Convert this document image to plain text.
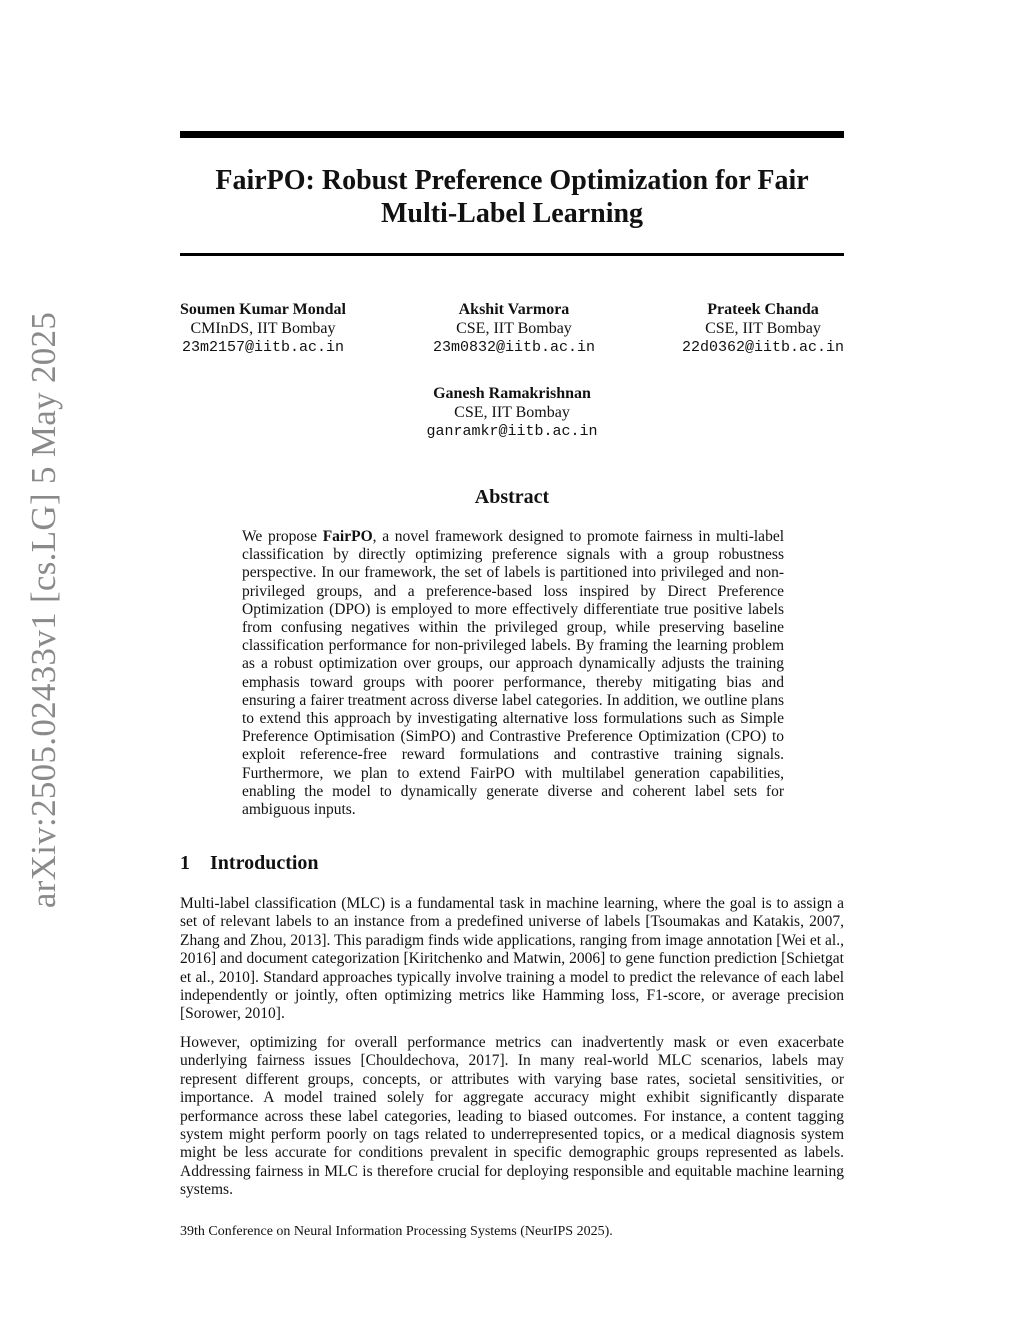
arXiv:2505.02433v1 [cs.LG] 5 May 2025
FairPO: Robust Preference Optimization for Fair Multi-Label Learning
Soumen Kumar Mondal
CMInDS, IIT Bombay
23m2157@iitb.ac.in
Akshit Varmora
CSE, IIT Bombay
23m0832@iitb.ac.in
Prateek Chanda
CSE, IIT Bombay
22d0362@iitb.ac.in
Ganesh Ramakrishnan
CSE, IIT Bombay
ganramkr@iitb.ac.in
Abstract

We propose FairPO, a novel framework designed to promote fairness in multi-label classification by directly optimizing preference signals with a group robustness perspective. In our framework, the set of labels is partitioned into privileged and non-privileged groups, and a preference-based loss inspired by Direct Preference Optimization (DPO) is employed to more effectively differentiate true positive labels from confusing negatives within the privileged group, while preserving baseline classification performance for non-privileged labels. By framing the learning problem as a robust optimization over groups, our approach dynamically adjusts the training emphasis toward groups with poorer performance, thereby mitigating bias and ensuring a fairer treatment across diverse label categories. In addition, we outline plans to extend this approach by investigating alternative loss formulations such as Simple Preference Optimisation (SimPO) and Contrastive Preference Optimization (CPO) to exploit reference-free reward formulations and contrastive training signals. Furthermore, we plan to extend FairPO with multilabel generation capabilities, enabling the model to dynamically generate diverse and coherent label sets for ambiguous inputs.

1 Introduction

Multi-label classification (MLC) is a fundamental task in machine learning, where the goal is to assign a set of relevant labels to an instance from a predefined universe of labels [Tsoumakas and Katakis, 2007, Zhang and Zhou, 2013]. This paradigm finds wide applications, ranging from image annotation [Wei et al., 2016] and document categorization [Kiritchenko and Matwin, 2006] to gene function prediction [Schietgat et al., 2010]. Standard approaches typically involve training a model to predict the relevance of each label independently or jointly, often optimizing metrics like Hamming loss, F1-score, or average precision [Sorower, 2010].

However, optimizing for overall performance metrics can inadvertently mask or even exacerbate underlying fairness issues [Chouldechova, 2017]. In many real-world MLC scenarios, labels may represent different groups, concepts, or attributes with varying base rates, societal sensitivities, or importance. A model trained solely for aggregate accuracy might exhibit significantly disparate performance across these label categories, leading to biased outcomes. For instance, a content tagging system might perform poorly on tags related to underrepresented topics, or a medical diagnosis system might be less accurate for conditions prevalent in specific demographic groups represented as labels. Addressing fairness in MLC is therefore crucial for deploying responsible and equitable machine learning systems.

39th Conference on Neural Information Processing Systems (NeurIPS 2025).
